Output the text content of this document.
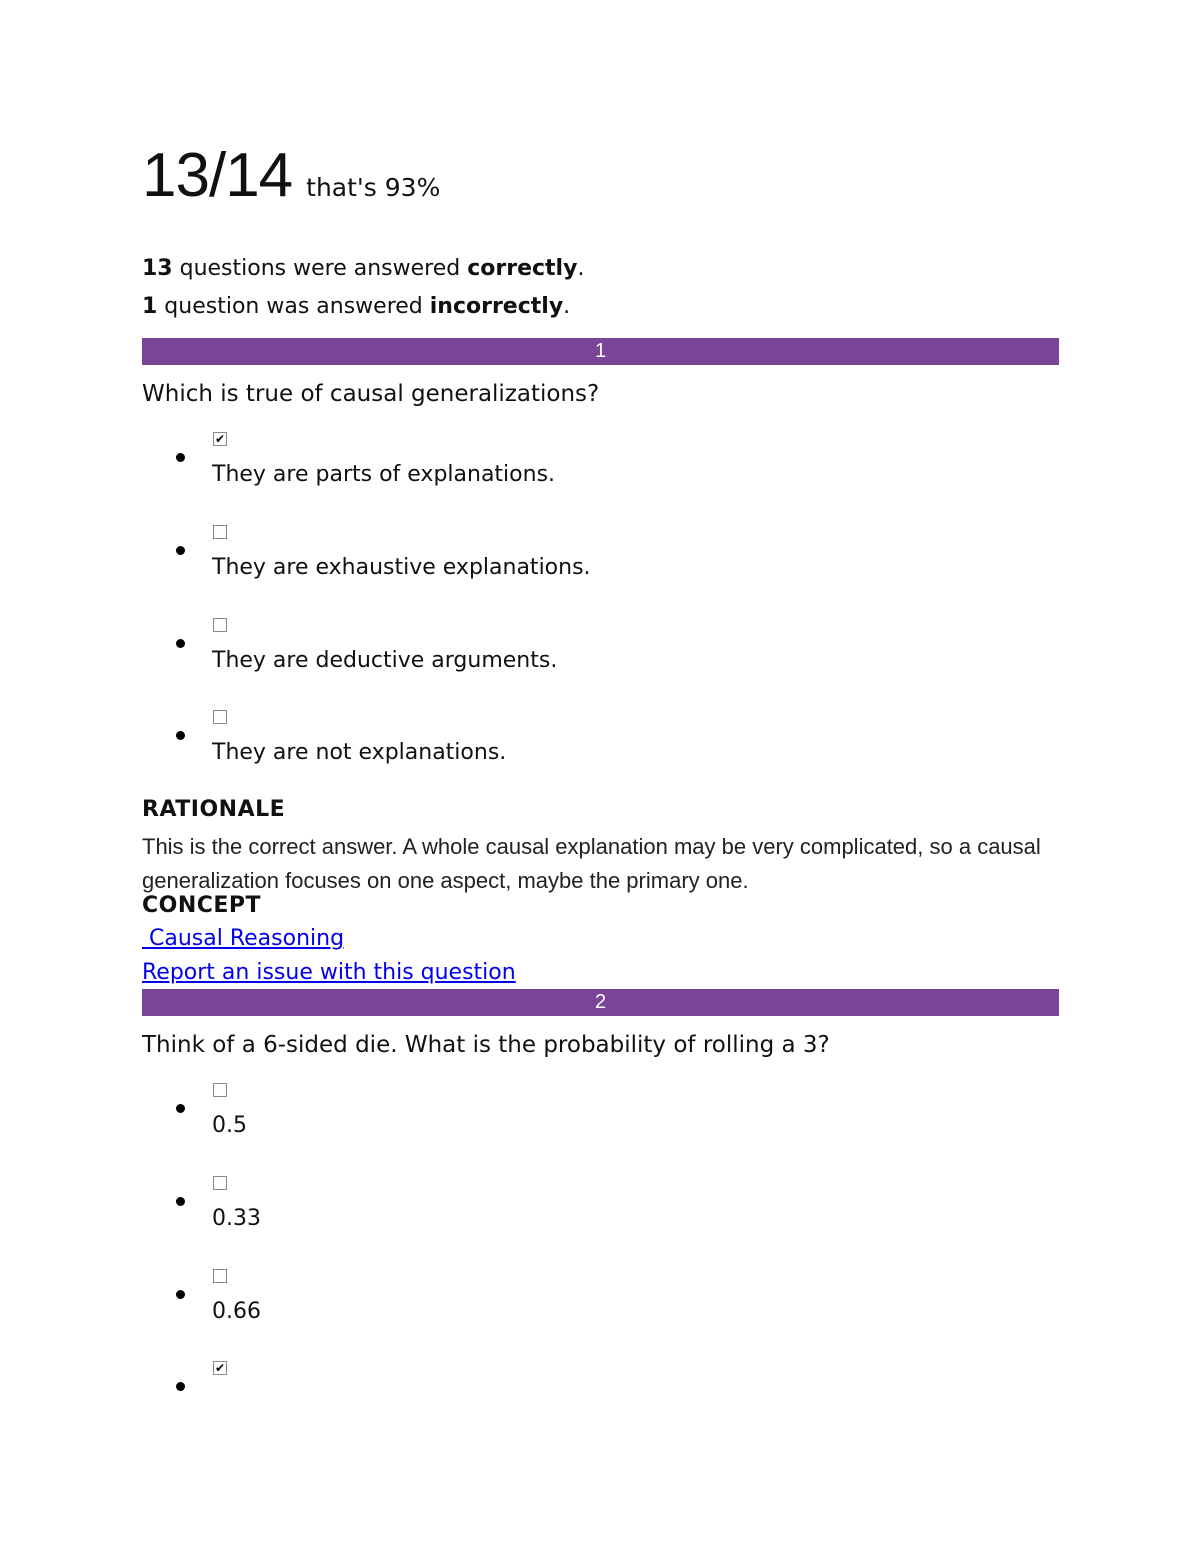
13/14 that's 93%
13 questions were answered correctly.
1 question was answered incorrectly.
1
Which is true of causal generalizations?
✔
They are parts of explanations.
They are exhaustive explanations.
They are deductive arguments.
They are not explanations.
RATIONALE
This is the correct answer. A whole causal explanation may be very complicated, so a causal generalization focuses on one aspect, maybe the primary one.
CONCEPT
Causal Reasoning
Report an issue with this question
2
Think of a 6-sided die. What is the probability of rolling a 3?
0.5
0.33
0.66
✔
